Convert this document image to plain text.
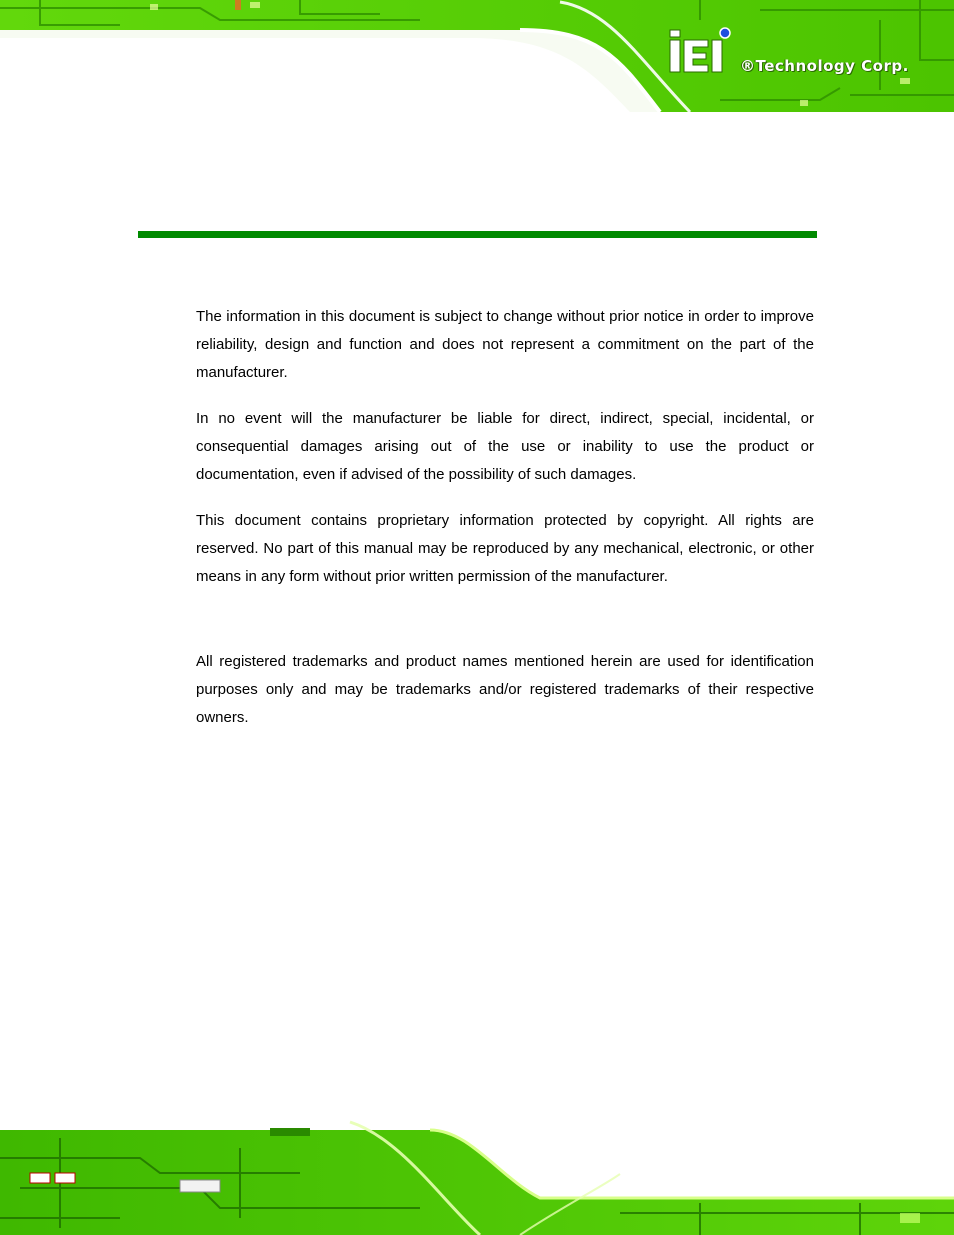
®Technology Corp.

The information in this document is subject to change without prior notice in order to improve reliability, design and function and does not represent a commitment on the part of the manufacturer.

In no event will the manufacturer be liable for direct, indirect, special, incidental, or consequential damages arising out of the use or inability to use the product or documentation, even if advised of the possibility of such damages.

This document contains proprietary information protected by copyright. All rights are reserved. No part of this manual may be reproduced by any mechanical, electronic, or other means in any form without prior written permission of the manufacturer.

All registered trademarks and product names mentioned herein are used for identification purposes only and may be trademarks and/or registered trademarks of their respective owners.
